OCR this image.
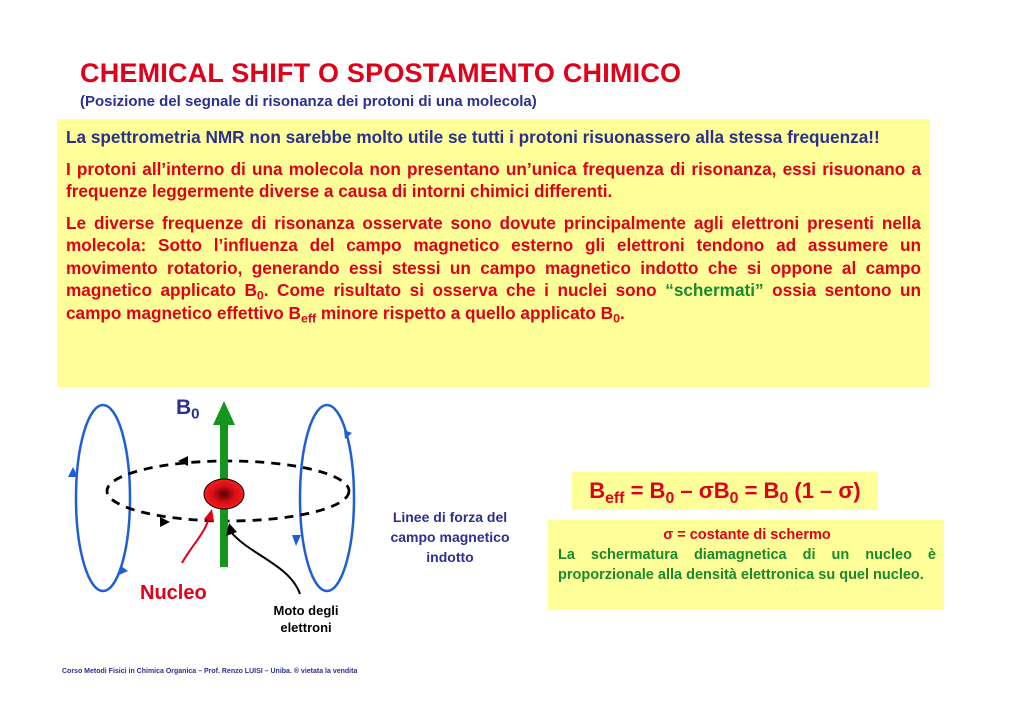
CHEMICAL SHIFT O SPOSTAMENTO CHIMICO

(Posizione del segnale di risonanza dei protoni di una molecola)

La spettrometria NMR non sarebbe molto utile se tutti i protoni risuonassero alla stessa frequenza!!

I protoni all’interno di una molecola non presentano un’unica frequenza di risonanza, essi risuonano a frequenze leggermente diverse a causa di intorni chimici differenti.

Le diverse frequenze di risonanza osservate sono dovute principalmente agli elettroni presenti nella molecola: Sotto l’influenza del campo magnetico esterno gli elettroni tendono ad assumere un movimento rotatorio, generando essi stessi un campo magnetico indotto che si oppone al campo magnetico applicato $B_0$. Come risultato si osserva che i nuclei sono “schermati” ossia sentono un campo magnetico effettivo $B_{eff}$ minore rispetto a quello applicato $B_0$.

$B_0$
Nucleo
Moto degli elettroni
Linee di forza del campo magnetico indotto
$B_{eff} = B_0 - \sigma B_0 = B_0$ (1 – σ)

σ = costante di schermo

La schermatura diamagnetica di un nucleo è proporzionale alla densità elettronica su quel nucleo.

Corso Metodi Fisici in Chimica Organica – Prof. Renzo LUISI – Uniba. ® vietata la vendita
